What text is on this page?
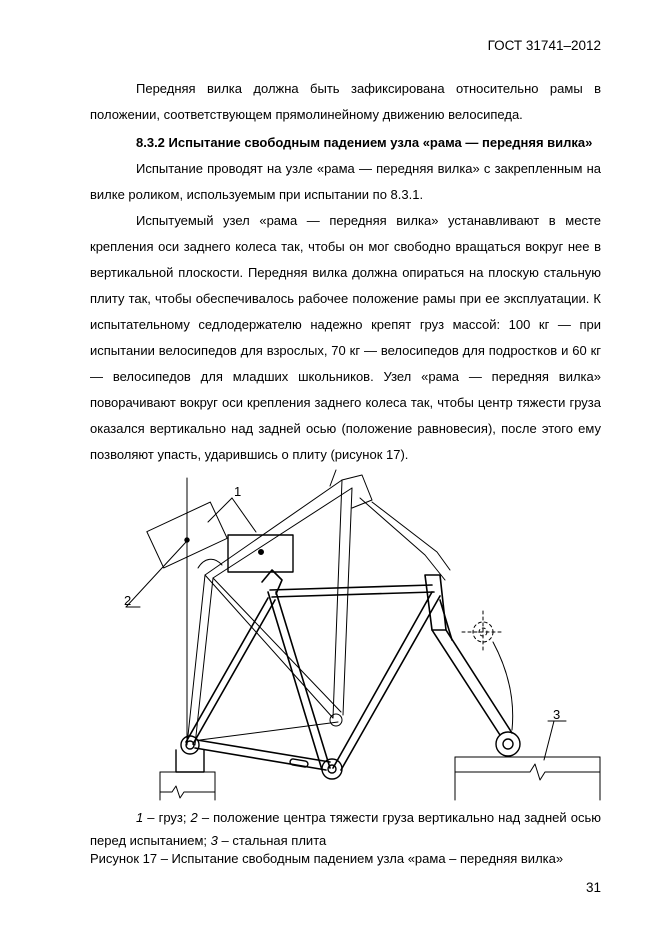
ГОСТ 31741–2012

Передняя вилка должна быть зафиксирована относительно рамы в положении, соответствующем прямолинейному движению велосипеда.

8.3.2 Испытание свободным падением узла «рама — передняя вилка»

Испытание проводят на узле «рама — передняя вилка» с закрепленным на вилке роликом, используемым при испытании по 8.3.1.

Испытуемый узел «рама — передняя вилка» устанавливают в месте крепления оси заднего колеса так, чтобы он мог свободно вращаться вокруг нее в вертикальной плоскости. Передняя вилка должна опираться на плоскую стальную плиту так, чтобы обеспечивалось рабочее положение рамы при ее эксплуатации. К испытательному седлодержателю надежно крепят груз массой: 100 кг — при испытании велосипедов для взрослых, 70 кг — велосипедов для подростков и 60 кг — велосипедов для младших школьников. Узел «рама — передняя вилка» поворачивают вокруг оси крепления заднего колеса так, чтобы центр тяжести груза оказался вертикально над задней осью (положение равновесия), после этого ему позволяют упасть, ударившись о плиту (рисунок 17).

1
2
3

1 – груз; 2 – положение центра тяжести груза вертикально над задней осью перед испытанием; 3 – стальная плита

Рисунок 17 – Испытание свободным падением узла «рама – передняя вилка»
31
